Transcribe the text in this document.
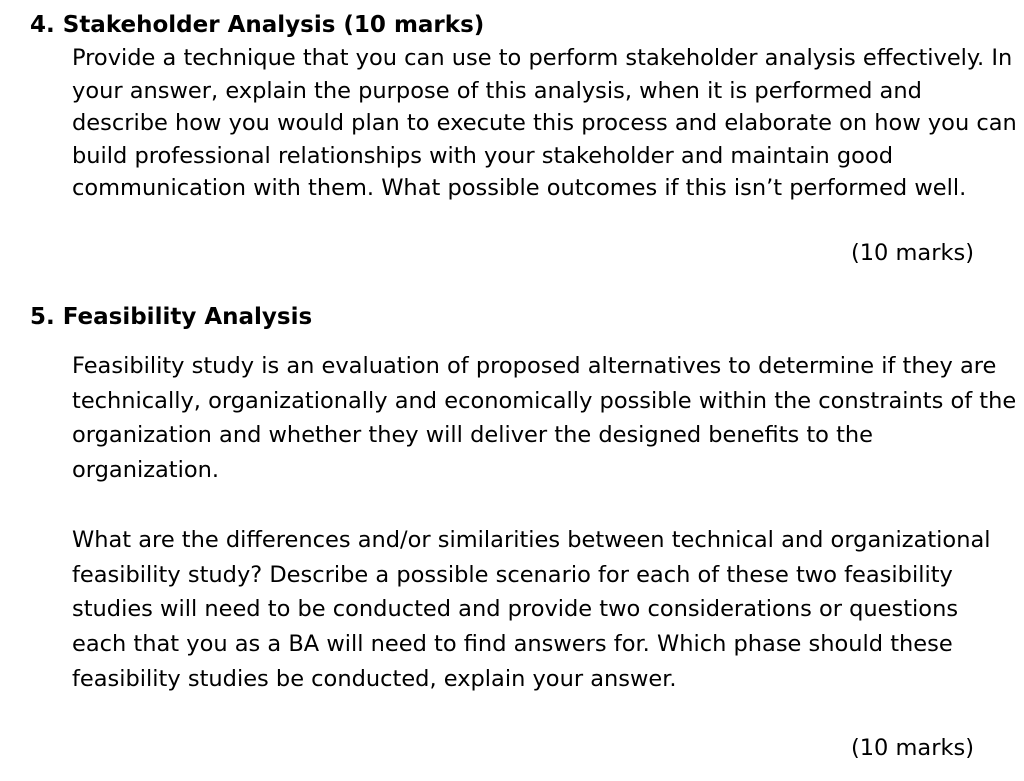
4. Stakeholder Analysis (10 marks)

Provide a technique that you can use to perform stakeholder analysis effectively. In your answer, explain the purpose of this analysis, when it is performed and describe how you would plan to execute this process and elaborate on how you can build professional relationships with your stakeholder and maintain good communication with them. What possible outcomes if this isn’t performed well.

(10 marks)
5. Feasibility Analysis

Feasibility study is an evaluation of proposed alternatives to determine if they are technically, organizationally and economically possible within the constraints of the organization and whether they will deliver the designed benefits to the organization.

What are the differences and/or similarities between technical and organizational feasibility study? Describe a possible scenario for each of these two feasibility studies will need to be conducted and provide two considerations or questions each that you as a BA will need to find answers for. Which phase should these feasibility studies be conducted, explain your answer.

(10 marks)
